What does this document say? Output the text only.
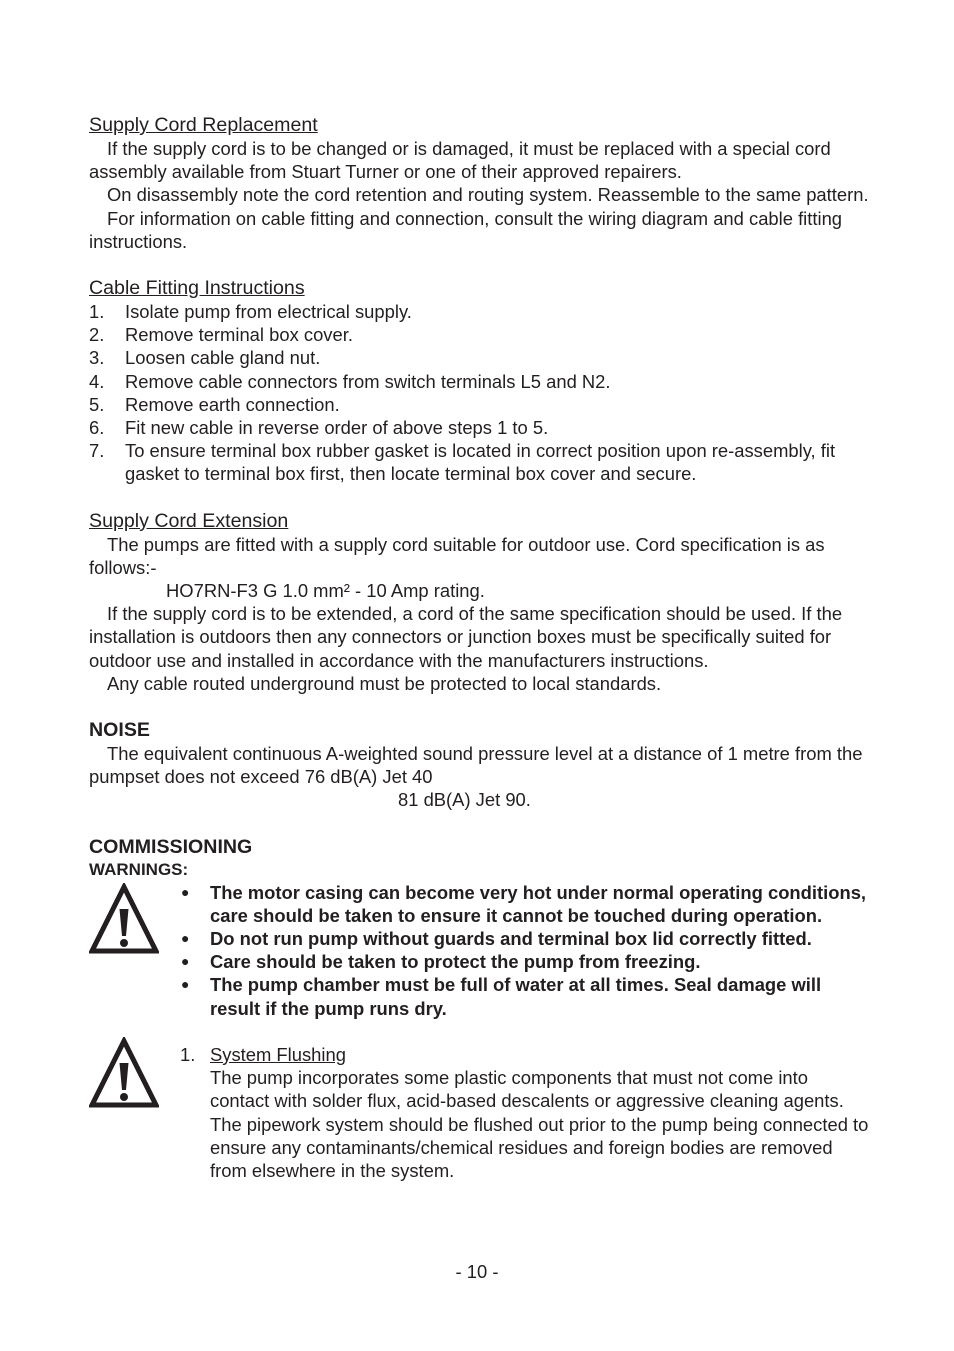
Supply Cord Replacement

If the supply cord is to be changed or is damaged, it must be replaced with a special cord assembly available from Stuart Turner or one of their approved repairers.

On disassembly note the cord retention and routing system. Reassemble to the same pattern.

For information on cable fitting and connection, consult the wiring diagram and cable fitting instructions.

Cable Fitting Instructions

1. Isolate pump from electrical supply.
2. Remove terminal box cover.
3. Loosen cable gland nut.
4. Remove cable connectors from switch terminals L5 and N2.
5. Remove earth connection.
6. Fit new cable in reverse order of above steps 1 to 5.
7. To ensure terminal box rubber gasket is located in correct position upon re-assembly, fit gasket to terminal box first, then locate terminal box cover and secure.

Supply Cord Extension

The pumps are fitted with a supply cord suitable for outdoor use. Cord specification is as follows:-

HO7RN-F3 G 1.0 mm² - 10 Amp rating.

If the supply cord is to be extended, a cord of the same specification should be used. If the installation is outdoors then any connectors or junction boxes must be specifically suited for outdoor use and installed in accordance with the manufacturers instructions.

Any cable routed underground must be protected to local standards.

NOISE

The equivalent continuous A-weighted sound pressure level at a distance of 1 metre from the pumpset does not exceed 76 dB(A) Jet 40

81 dB(A) Jet 90.

COMMISSIONING

WARNINGS:

● The motor casing can become very hot under normal operating conditions, care should be taken to ensure it cannot be touched during operation.
● Do not run pump without guards and terminal box lid correctly fitted.
● Care should be taken to protect the pump from freezing.
● The pump chamber must be full of water at all times. Seal damage will result if the pump runs dry.
1. System Flushing

The pump incorporates some plastic components that must not come into contact with solder flux, acid-based descalents or aggressive cleaning agents. The pipework system should be flushed out prior to the pump being connected to ensure any contaminants/chemical residues and foreign bodies are removed from elsewhere in the system.

- 10 -
